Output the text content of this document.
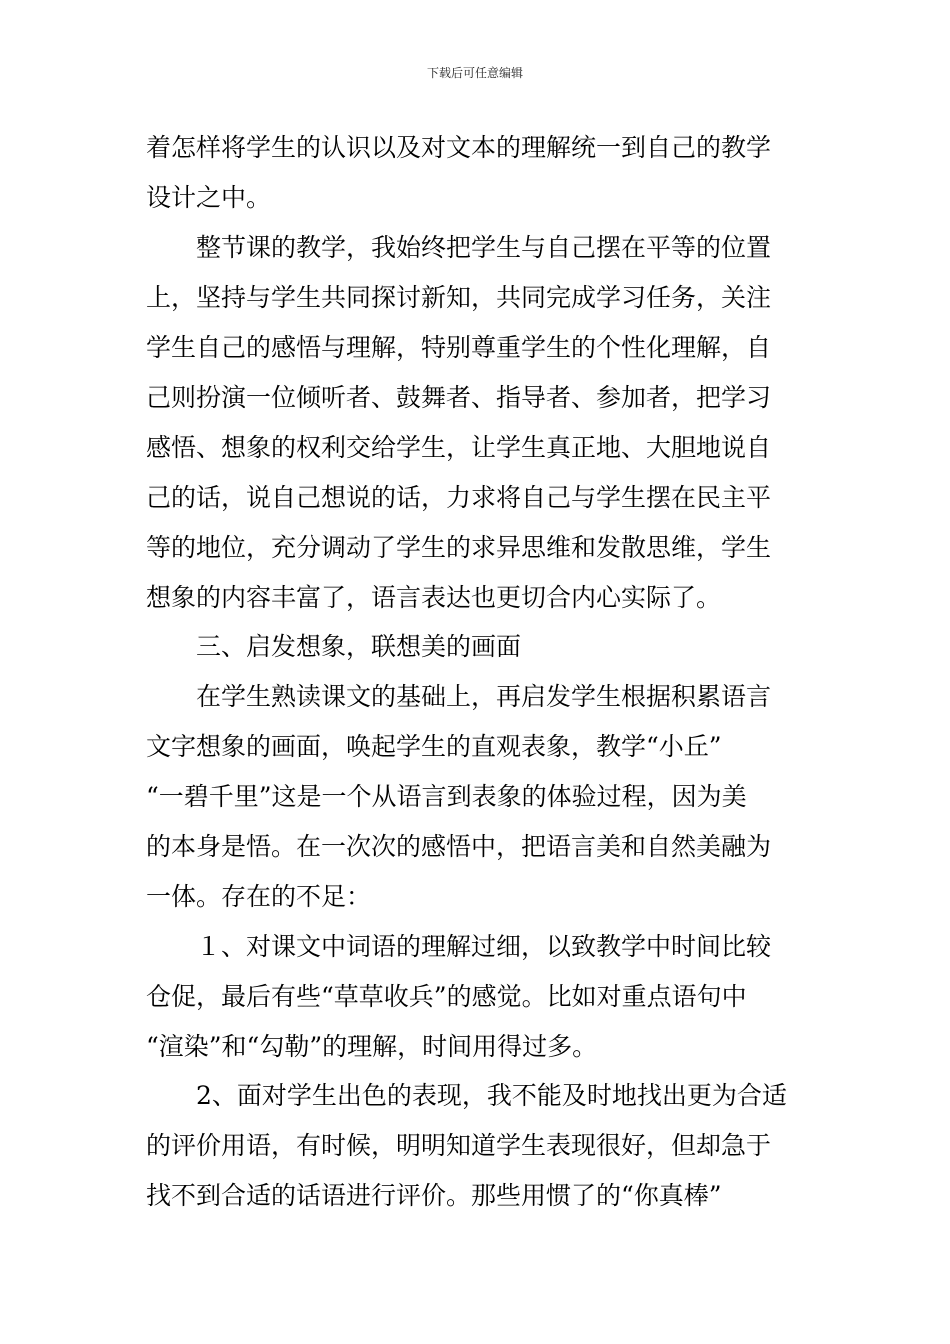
下载后可任意编辑
着怎样将学生的认识以及对文本的理解统一到自己的教学
设计之中。
　　整节课的教学，我始终把学生与自己摆在平等的位置
上，坚持与学生共同探讨新知，共同完成学习任务，关注
学生自己的感悟与理解，特别尊重学生的个性化理解，自
己则扮演一位倾听者、鼓舞者、指导者、参加者，把学习
感悟、想象的权利交给学生，让学生真正地、大胆地说自
己的话，说自己想说的话，力求将自己与学生摆在民主平
等的地位，充分调动了学生的求异思维和发散思维，学生
想象的内容丰富了，语言表达也更切合内心实际了。
　　三、启发想象，联想美的画面
　　在学生熟读课文的基础上，再启发学生根据积累语言
文字想象的画面，唤起学生的直观表象，教学“小丘”
“一碧千里”这是一个从语言到表象的体验过程，因为美
的本身是悟。在一次次的感悟中，把语言美和自然美融为
一体。存在的不足：
　　１、对课文中词语的理解过细，以致教学中时间比较
仓促，最后有些“草草收兵”的感觉。比如对重点语句中
“渲染”和“勾勒”的理解，时间用得过多。
　　2、面对学生出色的表现，我不能及时地找出更为合适
的评价用语，有时候，明明知道学生表现很好，但却急于
找不到合适的话语进行评价。那些用惯了的“你真棒”
